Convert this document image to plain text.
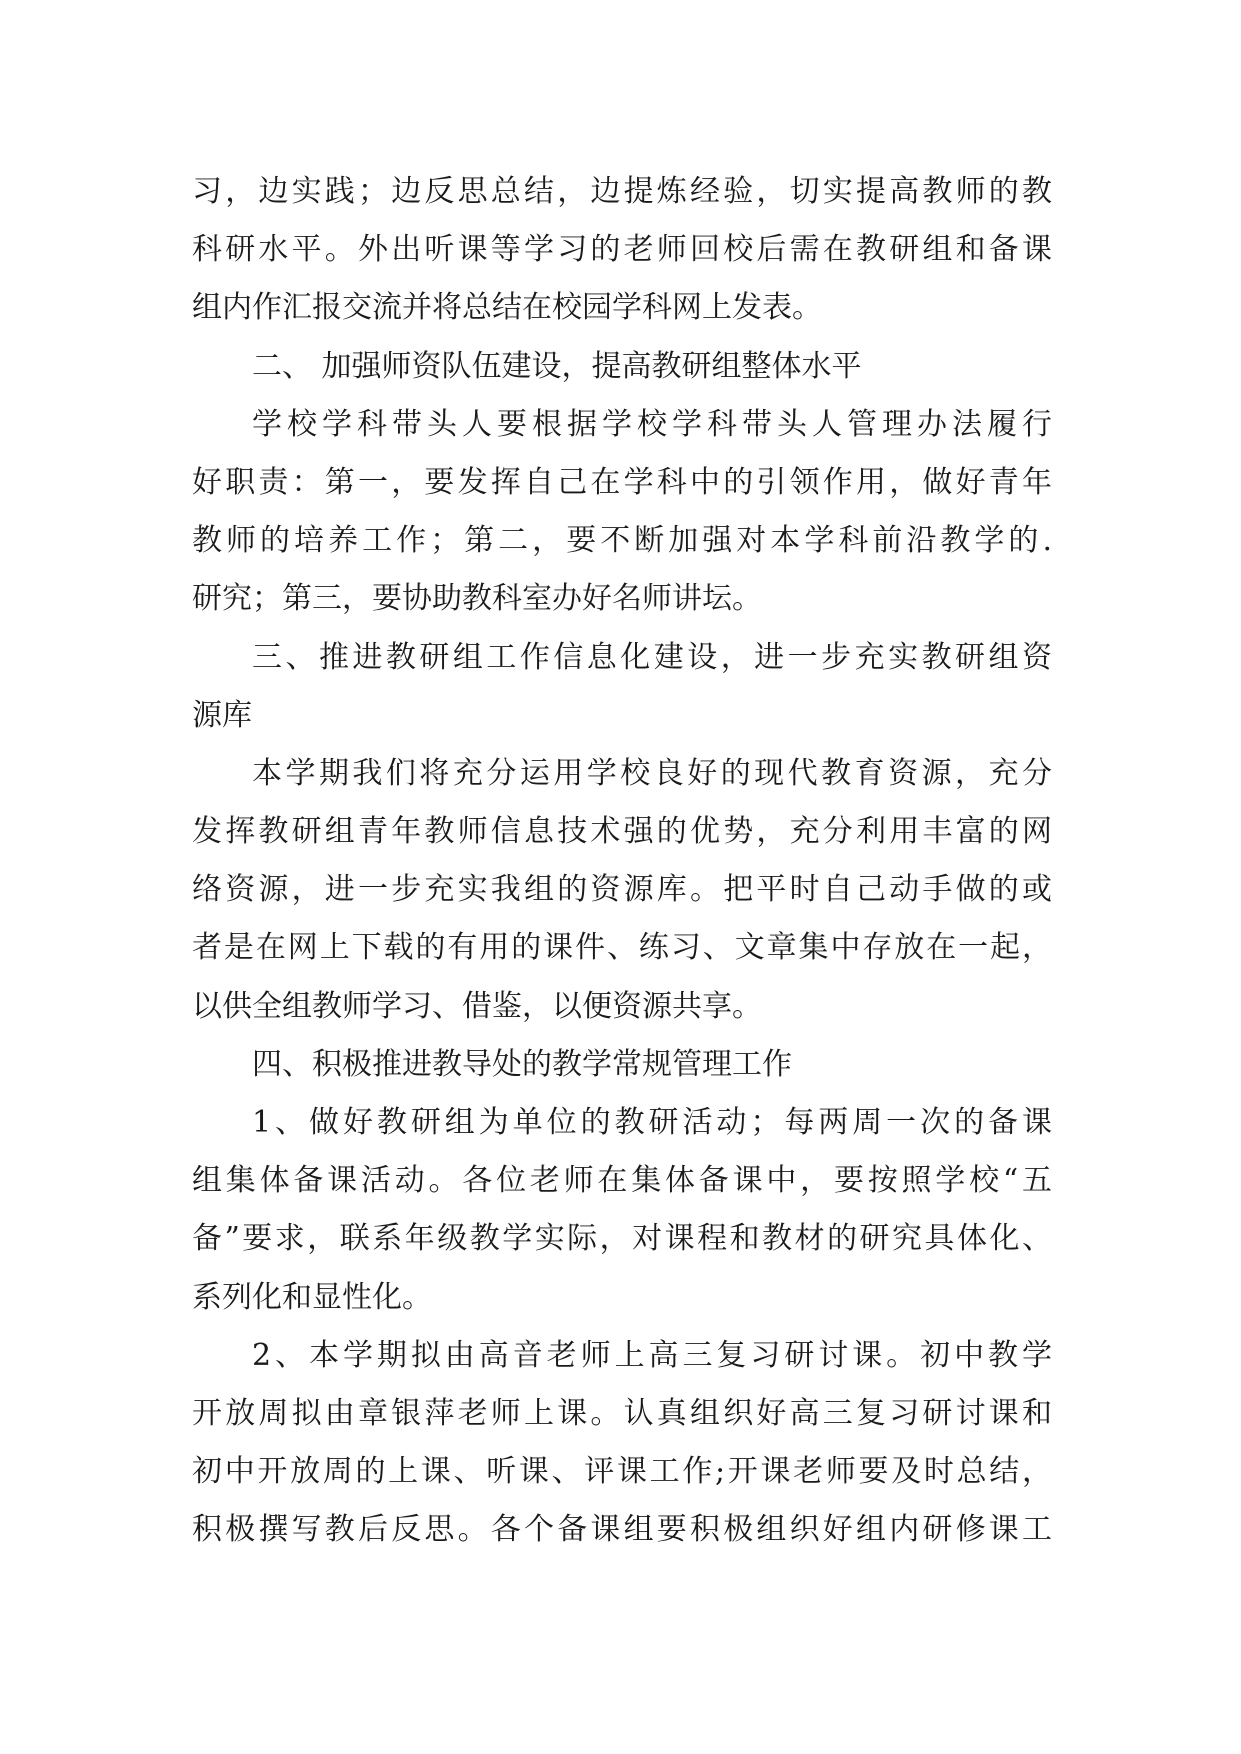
习，边实践；边反思总结，边提炼经验，切实提高教师的教
科研水平。外出听课等学习的老师回校后需在教研组和备课
组内作汇报交流并将总结在校园学科网上发表。
二、 加强师资队伍建设，提高教研组整体水平
学校学科带头人要根据学校学科带头人管理办法履行
好职责：第一，要发挥自己在学科中的引领作用，做好青年
教师的培养工作；第二，要不断加强对本学科前沿教学的.
研究；第三，要协助教科室办好名师讲坛。
三、推进教研组工作信息化建设，进一步充实教研组资
源库
本学期我们将充分运用学校良好的现代教育资源，充分
发挥教研组青年教师信息技术强的优势，充分利用丰富的网
络资源，进一步充实我组的资源库。把平时自己动手做的或
者是在网上下载的有用的课件、练习、文章集中存放在一起，
以供全组教师学习、借鉴，以便资源共享。
四、积极推进教导处的教学常规管理工作
1、做好教研组为单位的教研活动；每两周一次的备课
组集体备课活动。各位老师在集体备课中，要按照学校“五
备”要求，联系年级教学实际，对课程和教材的研究具体化、
系列化和显性化。
2、本学期拟由高音老师上高三复习研讨课。初中教学
开放周拟由章银萍老师上课。认真组织好高三复习研讨课和
初中开放周的上课、听课、评课工作;开课老师要及时总结，
积极撰写教后反思。各个备课组要积极组织好组内研修课工
